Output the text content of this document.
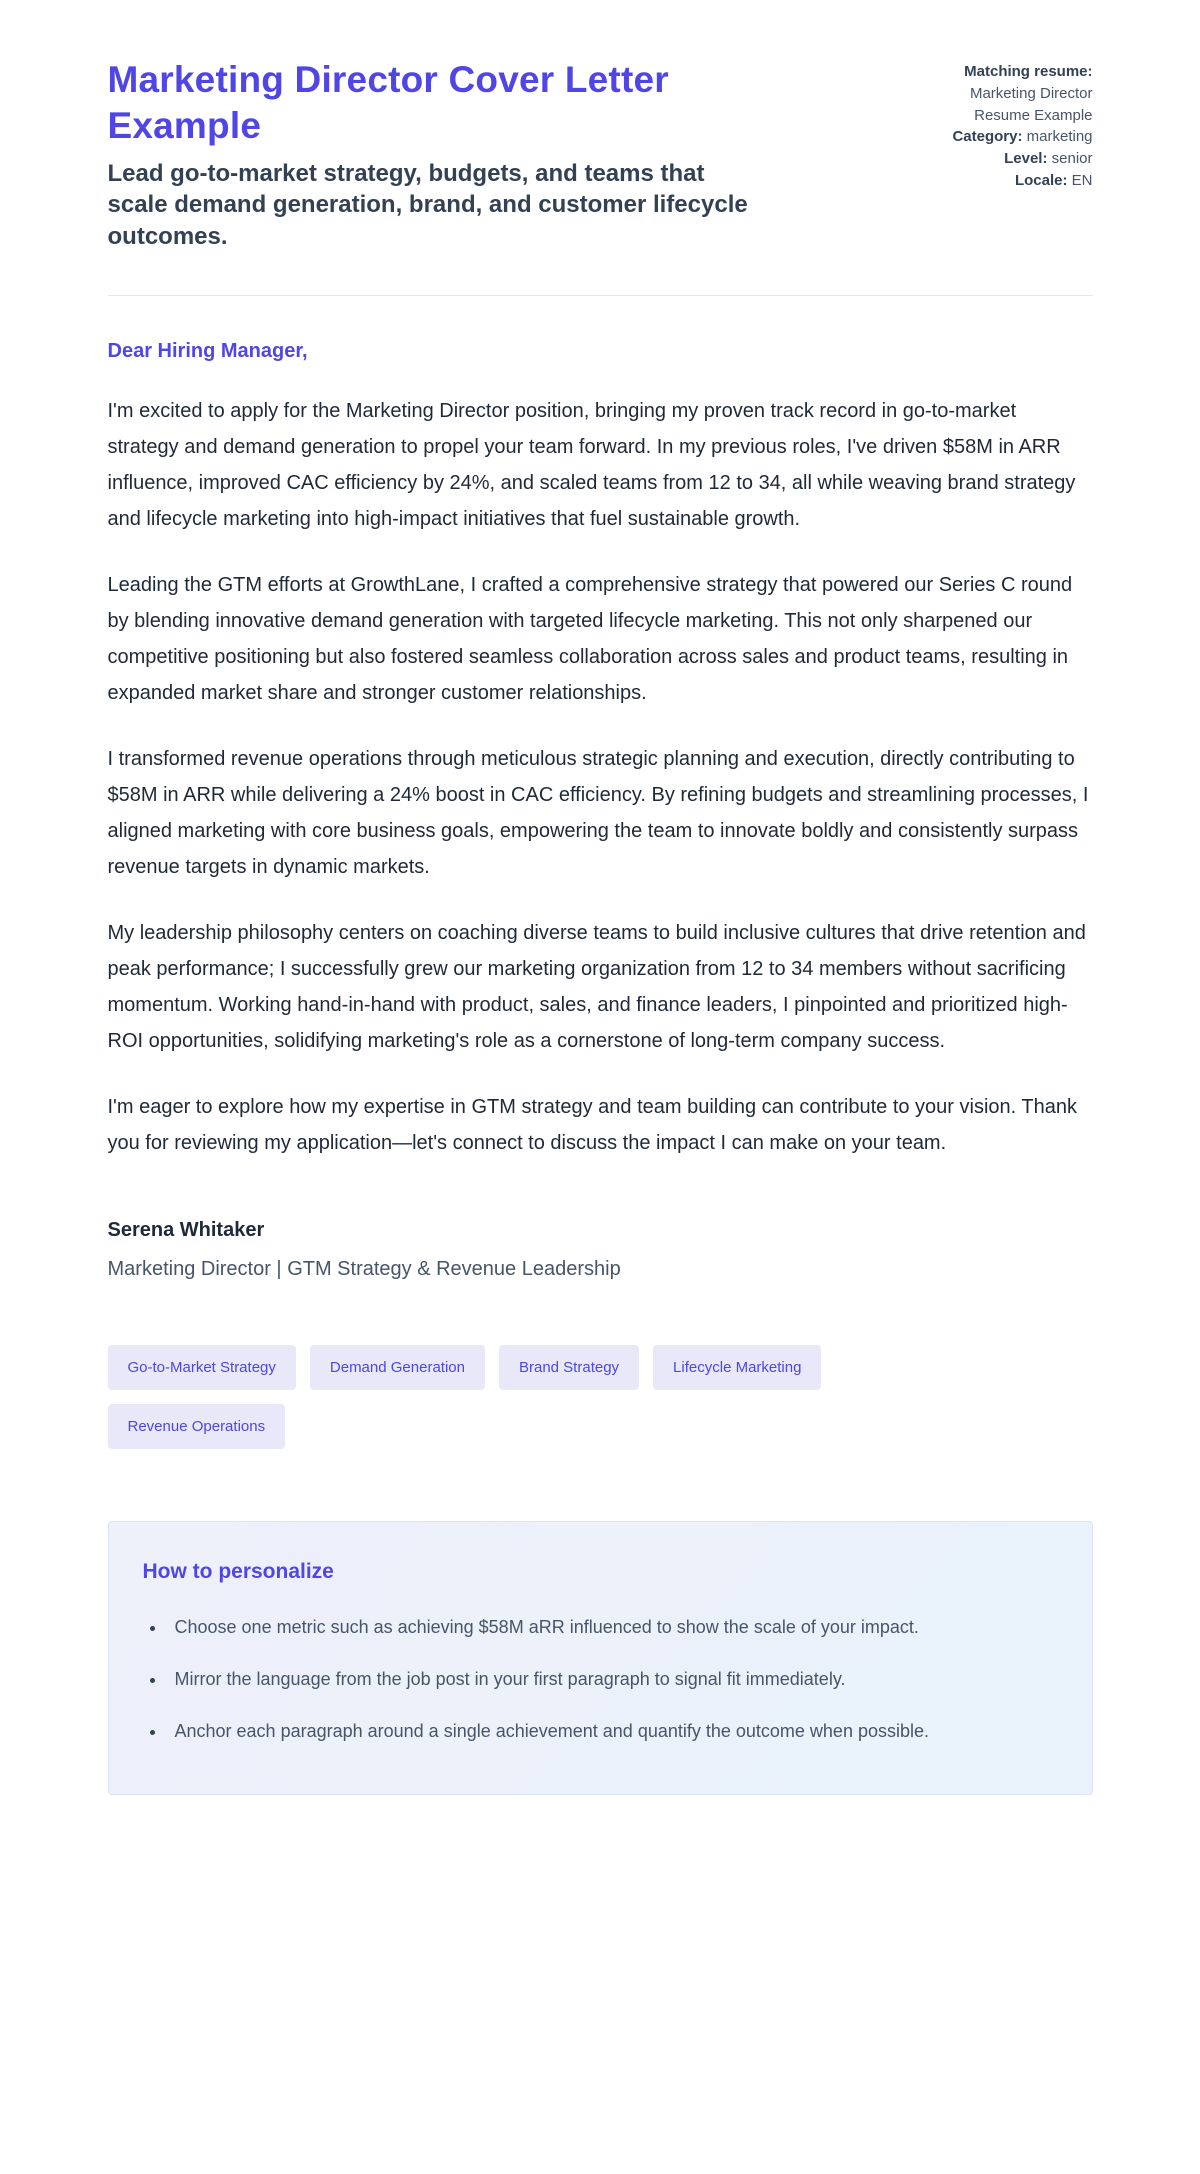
Marketing Director Cover Letter Example
Lead go-to-market strategy, budgets, and teams that scale demand generation, brand, and customer lifecycle outcomes.
Matching resume: Marketing Director Resume Example
Category: marketing
Level: senior
Locale: EN

Dear Hiring Manager,

I'm excited to apply for the Marketing Director position, bringing my proven track record in go-to-market strategy and demand generation to propel your team forward. In my previous roles, I've driven $58M in ARR influence, improved CAC efficiency by 24%, and scaled teams from 12 to 34, all while weaving brand strategy and lifecycle marketing into high-impact initiatives that fuel sustainable growth.

Leading the GTM efforts at GrowthLane, I crafted a comprehensive strategy that powered our Series C round by blending innovative demand generation with targeted lifecycle marketing. This not only sharpened our competitive positioning but also fostered seamless collaboration across sales and product teams, resulting in expanded market share and stronger customer relationships.

I transformed revenue operations through meticulous strategic planning and execution, directly contributing to $58M in ARR while delivering a 24% boost in CAC efficiency. By refining budgets and streamlining processes, I aligned marketing with core business goals, empowering the team to innovate boldly and consistently surpass revenue targets in dynamic markets.

My leadership philosophy centers on coaching diverse teams to build inclusive cultures that drive retention and peak performance; I successfully grew our marketing organization from 12 to 34 members without sacrificing momentum. Working hand-in-hand with product, sales, and finance leaders, I pinpointed and prioritized high-ROI opportunities, solidifying marketing's role as a cornerstone of long-term company success.

I'm eager to explore how my expertise in GTM strategy and team building can contribute to your vision. Thank you for reviewing my application—let's connect to discuss the impact I can make on your team.

Serena Whitaker
Marketing Director | GTM Strategy & Revenue Leadership
Go-to-Market Strategy	Demand Generation	Brand Strategy	Lifecycle Marketing
Revenue Operations
How to personalize
• Choose one metric such as achieving $58M aRR influenced to show the scale of your impact.
• Mirror the language from the job post in your first paragraph to signal fit immediately.
• Anchor each paragraph around a single achievement and quantify the outcome when possible.
